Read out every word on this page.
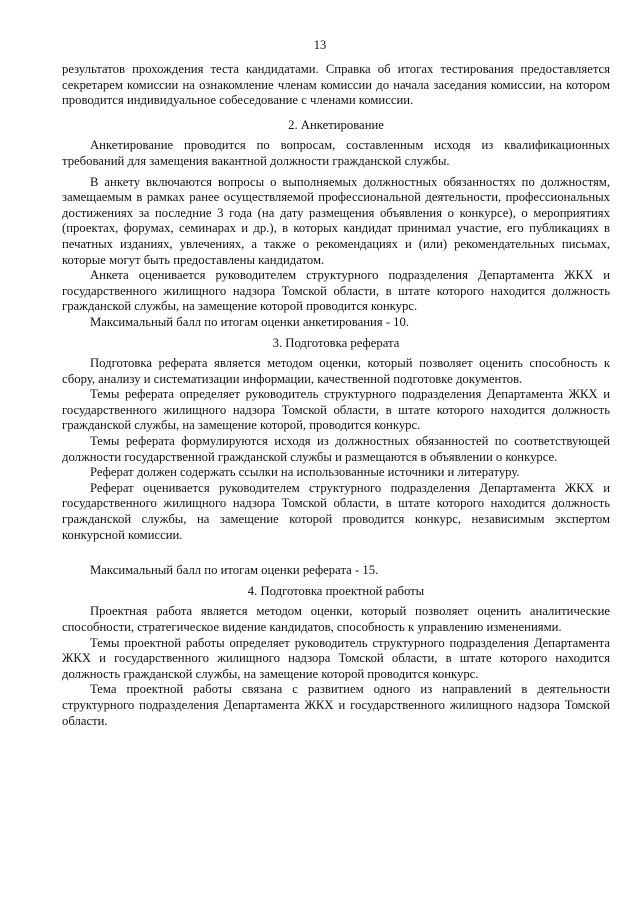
13

результатов прохождения теста кандидатами. Справка об итогах тестирования предоставляется секретарем комиссии на ознакомление членам комиссии до начала заседания комиссии, на котором проводится индивидуальное собеседование с членами комиссии.

2. Анкетирование

Анкетирование проводится по вопросам, составленным исходя из квалификационных требований для замещения вакантной должности гражданской службы.

В анкету включаются вопросы о выполняемых должностных обязанностях по должностям, замещаемым в рамках ранее осуществляемой профессиональной деятельности, профессиональных достижениях за последние 3 года (на дату размещения объявления о конкурсе), о мероприятиях (проектах, форумах, семинарах и др.), в которых кандидат принимал участие, его публикациях в печатных изданиях, увлечениях, а также о рекомендациях и (или) рекомендательных письмах, которые могут быть предоставлены кандидатом.

Анкета оценивается руководителем структурного подразделения Департамента ЖКХ и государственного жилищного надзора Томской области, в штате которого находится должность гражданской службы, на замещение которой проводится конкурс.

Максимальный балл по итогам оценки анкетирования - 10.

3. Подготовка реферата

Подготовка реферата является методом оценки, который позволяет оценить способность к сбору, анализу и систематизации информации, качественной подготовке документов.

Темы реферата определяет руководитель структурного подразделения Департамента ЖКХ и государственного жилищного надзора Томской области, в штате которого находится должность гражданской службы, на замещение которой, проводится конкурс.

Темы реферата формулируются исходя из должностных обязанностей по соответствующей должности государственной гражданской службы и размещаются в объявлении о конкурсе.

Реферат должен содержать ссылки на использованные источники и литературу.

Реферат оценивается руководителем структурного подразделения Департамента ЖКХ и государственного жилищного надзора Томской области, в штате которого находится должность гражданской службы, на замещение которой проводится конкурс, независимым экспертом конкурсной комиссии.

Максимальный балл по итогам оценки реферата - 15.

4. Подготовка проектной работы

Проектная работа является методом оценки, который позволяет оценить аналитические способности, стратегическое видение кандидатов, способность к управлению изменениями.

Темы проектной работы определяет руководитель структурного подразделения Департамента ЖКХ и государственного жилищного надзора Томской области, в штате которого находится должность гражданской службы, на замещение которой проводится конкурс.

Тема проектной работы связана с развитием одного из направлений в деятельности структурного подразделения Департамента ЖКХ и государственного жилищного надзора Томской области.
